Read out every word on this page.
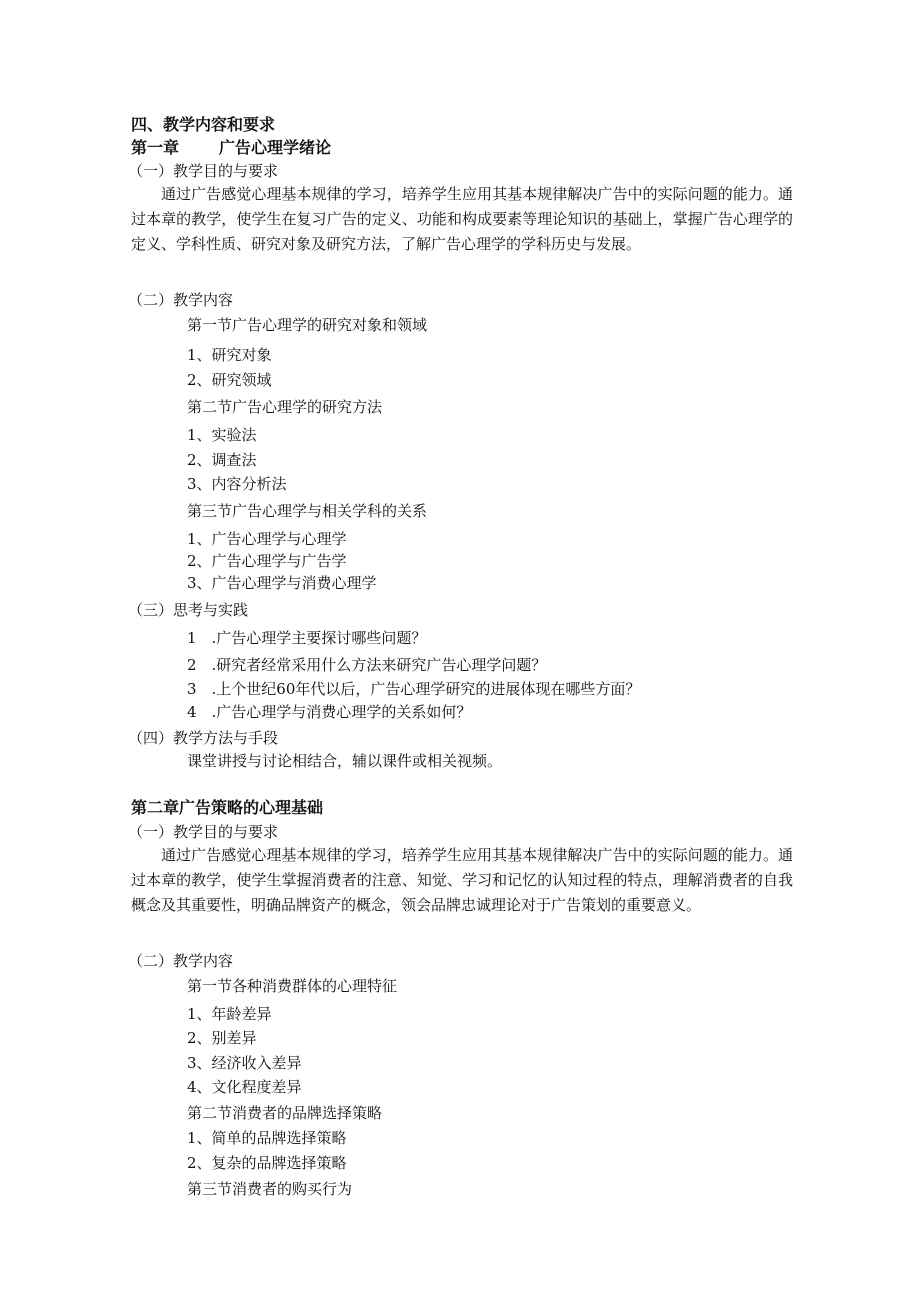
四、教学内容和要求
第一章	广告心理学绪论
（一）教学目的与要求
通过广告感觉心理基本规律的学习，培养学生应用其基本规律解决广告中的实际问题的能力。通过本章的教学，使学生在复习广告的定义、功能和构成要素等理论知识的基础上，掌握广告心理学的定义、学科性质、研究对象及研究方法，了解广告心理学的学科历史与发展。
（二）教学内容
第一节广告心理学的研究对象和领域
1、研究对象
2、研究领域
第二节广告心理学的研究方法
1、实验法
2、调查法
3、内容分析法
第三节广告心理学与相关学科的关系
1、广告心理学与心理学
2、广告心理学与广告学
3、广告心理学与消费心理学
（三）思考与实践
1　.广告心理学主要探讨哪些问题？
2　.研究者经常采用什么方法来研究广告心理学问题？
3　.上个世纪60年代以后，广告心理学研究的进展体现在哪些方面？
4　.广告心理学与消费心理学的关系如何？
（四）教学方法与手段
课堂讲授与讨论相结合，辅以课件或相关视频。
第二章广告策略的心理基础
（一）教学目的与要求
通过广告感觉心理基本规律的学习，培养学生应用其基本规律解决广告中的实际问题的能力。通过本章的教学，使学生掌握消费者的注意、知觉、学习和记忆的认知过程的特点，理解消费者的自我概念及其重要性，明确品牌资产的概念，领会品牌忠诚理论对于广告策划的重要意义。
（二）教学内容
第一节各种消费群体的心理特征
1、年龄差异
2、别差异
3、经济收入差异
4、文化程度差异
第二节消费者的品牌选择策略
1、简单的品牌选择策略
2、复杂的品牌选择策略
第三节消费者的购买行为
